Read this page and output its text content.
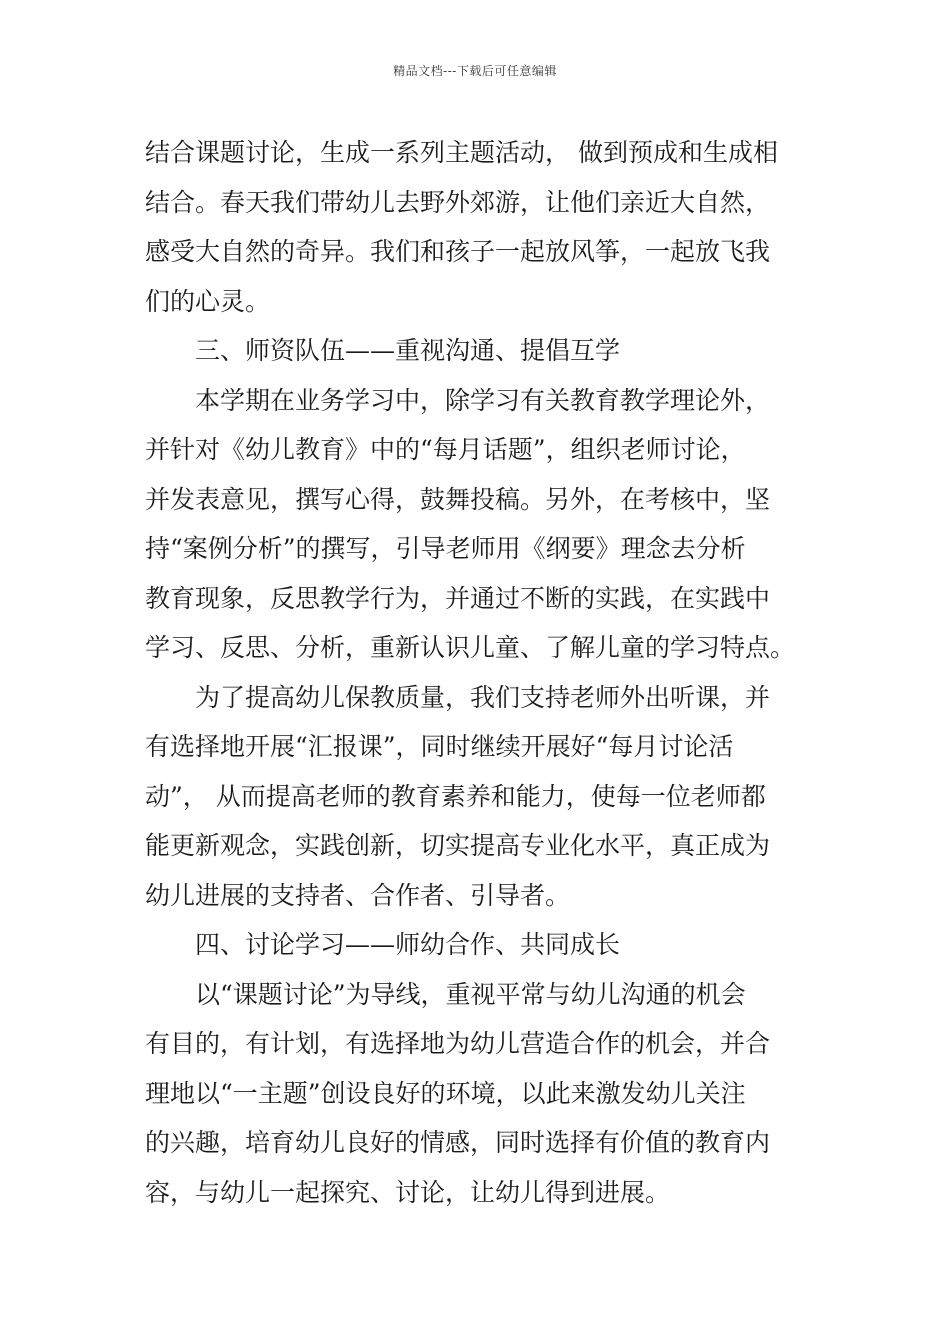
精品文档---下载后可任意编辑
结合课题讨论，生成一系列主题活动， 做到预成和生成相
结合。春天我们带幼儿去野外郊游，让他们亲近大自然，
感受大自然的奇异。我们和孩子一起放风筝，一起放飞我
们的心灵。
三、师资队伍——重视沟通、提倡互学
本学期在业务学习中，除学习有关教育教学理论外，
并针对《幼儿教育》中的“每月话题”，组织老师讨论，
并发表意见，撰写心得，鼓舞投稿。另外，在考核中，坚
持“案例分析”的撰写，引导老师用《纲要》理念去分析
教育现象，反思教学行为，并通过不断的实践，在实践中
学习、反思、分析，重新认识儿童、了解儿童的学习特点。
为了提高幼儿保教质量，我们支持老师外出听课，并
有选择地开展“汇报课”，同时继续开展好“每月讨论活
动”， 从而提高老师的教育素养和能力，使每一位老师都
能更新观念，实践创新，切实提高专业化水平，真正成为
幼儿进展的支持者、合作者、引导者。
四、讨论学习——师幼合作、共同成长
以“课题讨论”为导线，重视平常与幼儿沟通的机会
有目的，有计划，有选择地为幼儿营造合作的机会，并合
理地以“一主题”创设良好的环境，以此来激发幼儿关注
的兴趣，培育幼儿良好的情感，同时选择有价值的教育内
容，与幼儿一起探究、讨论，让幼儿得到进展。
